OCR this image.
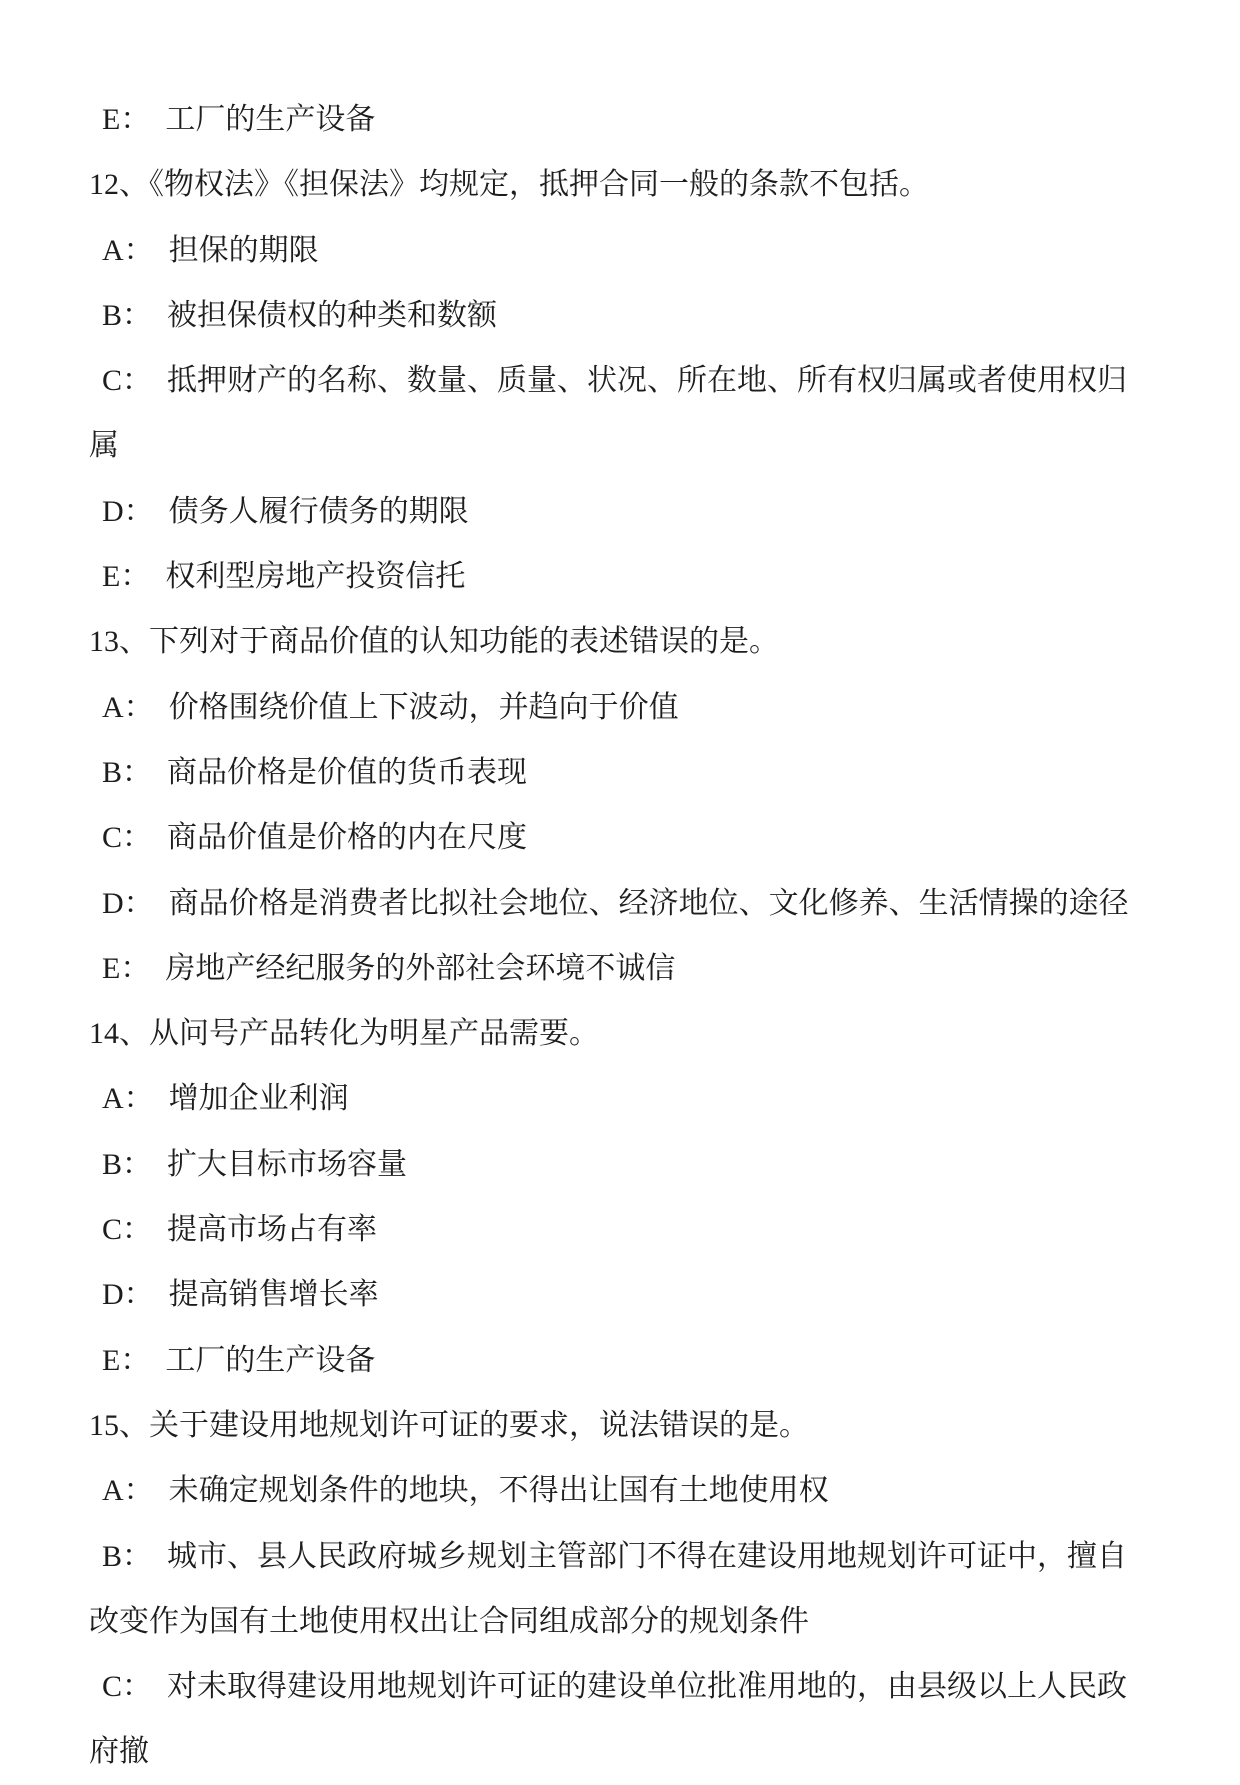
E：  工厂的生产设备

12、《物权法》《担保法》均规定，抵押合同一般的条款不包括。

A：  担保的期限

B：  被担保债权的种类和数额

C：  抵押财产的名称、数量、质量、状况、所在地、所有权归属或者使用权归属

D：  债务人履行债务的期限

E：  权利型房地产投资信托

13、下列对于商品价值的认知功能的表述错误的是。

A：  价格围绕价值上下波动，并趋向于价值

B：  商品价格是价值的货币表现

C：  商品价值是价格的内在尺度

D：  商品价格是消费者比拟社会地位、经济地位、文化修养、生活情操的途径

E：  房地产经纪服务的外部社会环境不诚信

14、从问号产品转化为明星产品需要。

A：  增加企业利润

B：  扩大目标市场容量

C：  提高市场占有率

D：  提高销售增长率

E：  工厂的生产设备

15、关于建设用地规划许可证的要求，说法错误的是。

A：  未确定规划条件的地块，不得出让国有土地使用权

B：  城市、县人民政府城乡规划主管部门不得在建设用地规划许可证中，擅自改变作为国有土地使用权出让合同组成部分的规划条件

C：  对未取得建设用地规划许可证的建设单位批准用地的，由县级以上人民政府撤
